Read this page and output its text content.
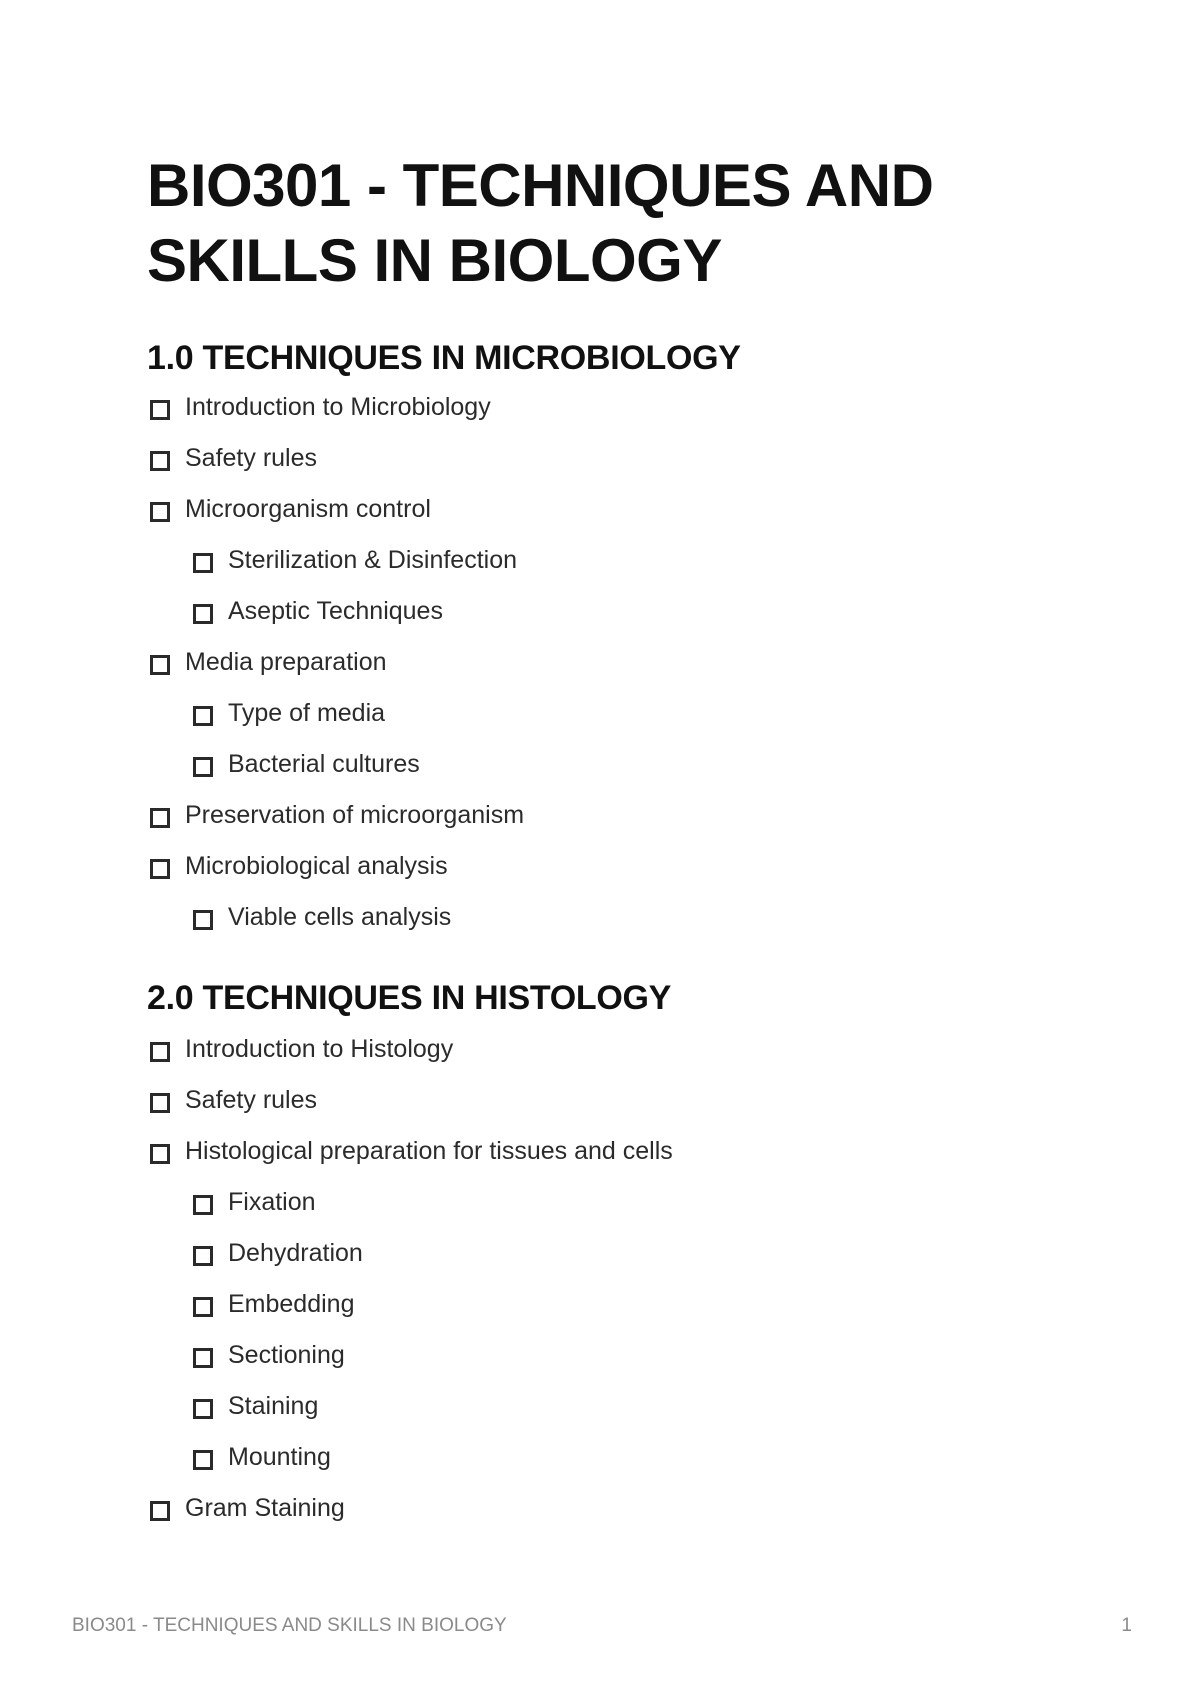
BIO301 - TECHNIQUES AND SKILLS IN BIOLOGY
1.0 TECHNIQUES IN MICROBIOLOGY
Introduction to Microbiology
Safety rules
Microorganism control
Sterilization & Disinfection
Aseptic Techniques
Media preparation
Type of media
Bacterial cultures
Preservation of microorganism
Microbiological analysis
Viable cells analysis
2.0 TECHNIQUES IN HISTOLOGY
Introduction to Histology
Safety rules
Histological preparation for tissues and cells
Fixation
Dehydration
Embedding
Sectioning
Staining
Mounting
Gram Staining
BIO301 - TECHNIQUES AND SKILLS IN BIOLOGY	1
